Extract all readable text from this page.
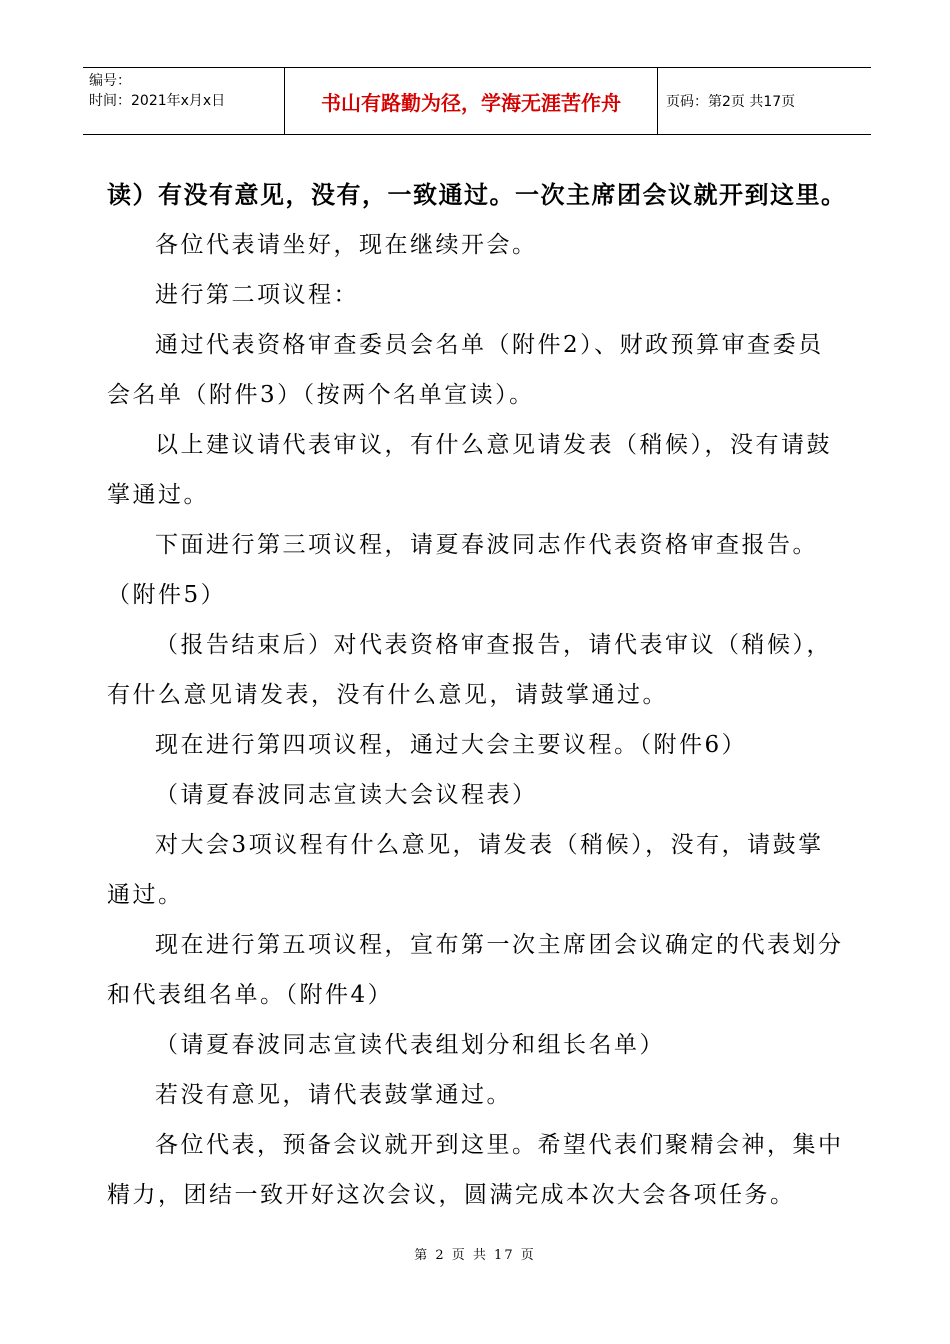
编号：
时间：2021年x月x日	书山有路勤为径，学海无涯苦作舟	页码：第2页 共17页

读）有没有意见，没有，一致通过。一次主席团会议就开到这里。

各位代表请坐好，现在继续开会。

进行第二项议程：

通过代表资格审查委员会名单（附件2）、财政预算审查委员会名单（附件3）（按两个名单宣读）。

以上建议请代表审议，有什么意见请发表（稍候），没有请鼓掌通过。

下面进行第三项议程，请夏春波同志作代表资格审查报告。（附件5）

（报告结束后）对代表资格审查报告，请代表审议（稍候），有什么意见请发表，没有什么意见，请鼓掌通过。

现在进行第四项议程，通过大会主要议程。（附件6）

（请夏春波同志宣读大会议程表）

对大会3项议程有什么意见，请发表（稍候），没有，请鼓掌通过。

现在进行第五项议程，宣布第一次主席团会议确定的代表划分和代表组名单。（附件4）

（请夏春波同志宣读代表组划分和组长名单）

若没有意见，请代表鼓掌通过。

各位代表，预备会议就开到这里。希望代表们聚精会神，集中精力，团结一致开好这次会议，圆满完成本次大会各项任务。

第 2 页 共 17 页
